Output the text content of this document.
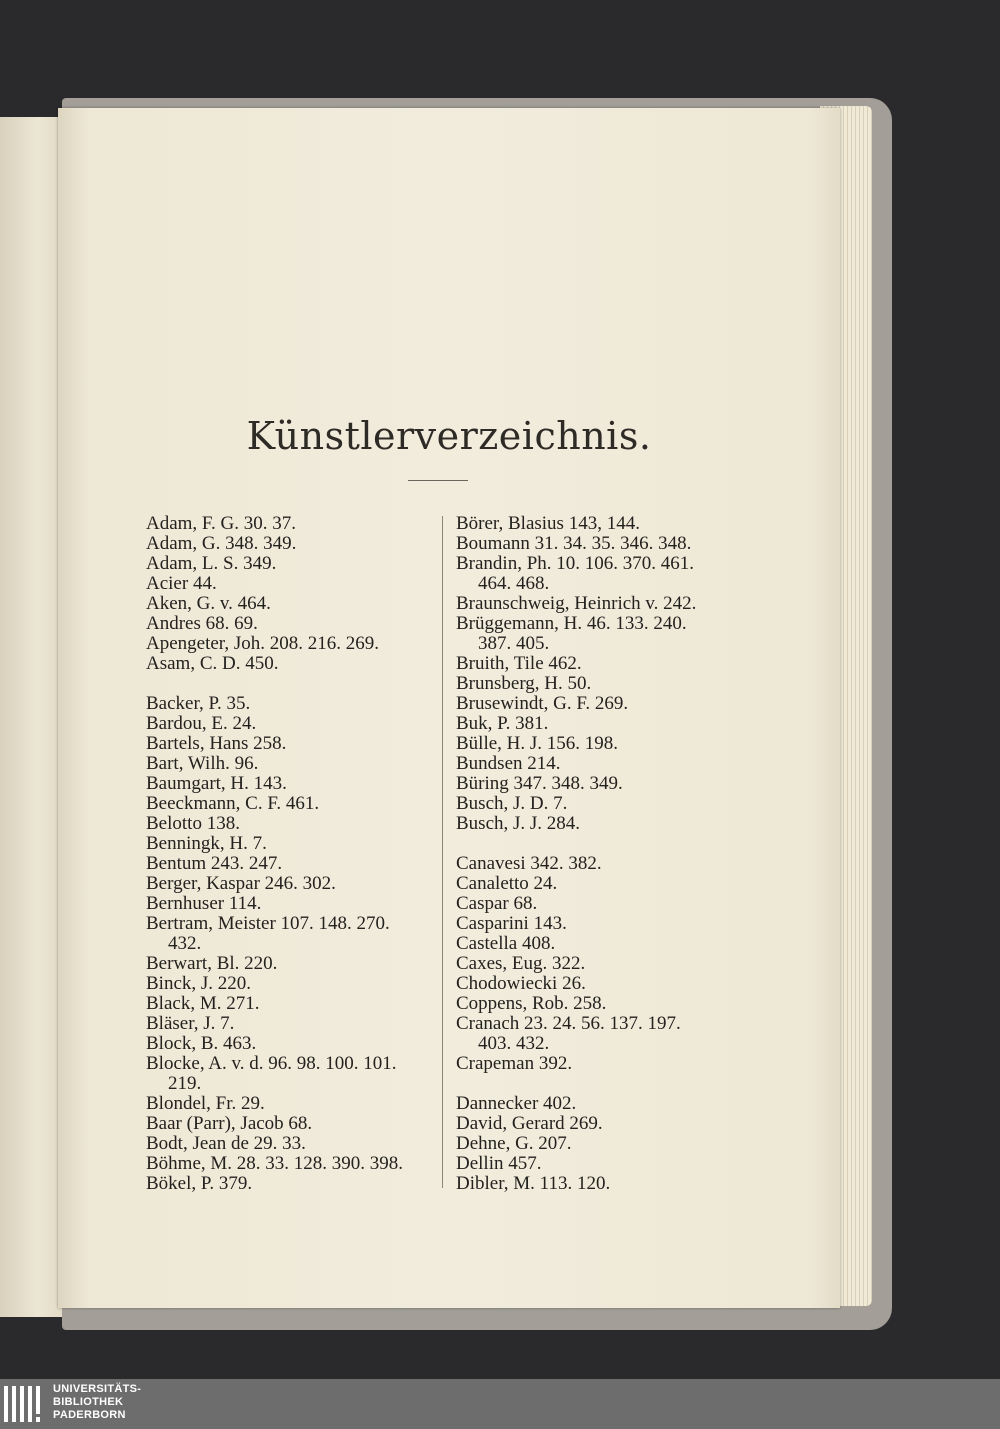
Künstlerverzeichnis.
Adam, F. G. 30. 37.
Adam, G. 348. 349.
Adam, L. S. 349.
Acier 44.
Aken, G. v. 464.
Andres 68. 69.
Apengeter, Joh. 208. 216. 269.
Asam, C. D. 450.
Backer, P. 35.
Bardou, E. 24.
Bartels, Hans 258.
Bart, Wilh. 96.
Baumgart, H. 143.
Beeckmann, C. F. 461.
Belotto 138.
Benningk, H. 7.
Bentum 243. 247.
Berger, Kaspar 246. 302.
Bernhuser 114.
Bertram, Meister 107. 148. 270.
432.
Berwart, Bl. 220.
Binck, J. 220.
Black, M. 271.
Bläser, J. 7.
Block, B. 463.
Blocke, A. v. d. 96. 98. 100. 101.
219.
Blondel, Fr. 29.
Baar (Parr), Jacob 68.
Bodt, Jean de 29. 33.
Böhme, M. 28. 33. 128. 390. 398.
Bökel, P. 379.
Börer, Blasius 143, 144.
Boumann 31. 34. 35. 346. 348.
Brandin, Ph. 10. 106. 370. 461.
464. 468.
Braunschweig, Heinrich v. 242.
Brüggemann, H. 46. 133. 240.
387. 405.
Bruith, Tile 462.
Brunsberg, H. 50.
Brusewindt, G. F. 269.
Buk, P. 381.
Bülle, H. J. 156. 198.
Bundsen 214.
Büring 347. 348. 349.
Busch, J. D. 7.
Busch, J. J. 284.
Canavesi 342. 382.
Canaletto 24.
Caspar 68.
Casparini 143.
Castella 408.
Caxes, Eug. 322.
Chodowiecki 26.
Coppens, Rob. 258.
Cranach 23. 24. 56. 137. 197.
403. 432.
Crapeman 392.
Dannecker 402.
David, Gerard 269.
Dehne, G. 207.
Dellin 457.
Dibler, M. 113. 120.
UNIVERSITÄTS-
BIBLIOTHEK
PADERBORN
